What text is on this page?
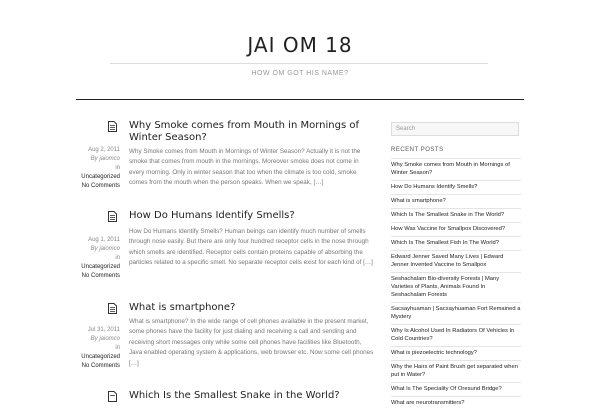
JAI OM 18
HOW OM GOT HIS NAME?
Why Smoke comes from Mouth in Mornings of Winter Season?
Aug 2, 2011
By jaiomco
in
Uncategorized
No Comments
Why Smoke comes from Mouth in Mornings of Winter Season? Actually it is not the smoke that comes from mouth in the mornings. Moreover smoke does not come in every morning. Only in winter season that too when the climate is too cold, smoke comes from the mouth when the person speaks. When we speak, […]
How Do Humans Identify Smells?
Aug 1, 2011
By jaiomco
in
Uncategorized
No Comments
How Do Humans Identify Smells? Human beings can identify much number of smells through nose easily. But there are only four hundred receptor cells in the nose through which smells are identified. Receptor cells contain proteins capable of absorbing the particles related to a specific smell. No separate receptor cells exist for each kind of […]
What is smartphone?
Jul 31, 2011
By jaiomco
in
Uncategorized
No Comments
What is smartphone? In the wide range of cell phones available in the present market, some phones have the facility for just dialing and receiving a call and sending and receiving short messages only while some cell phones have facilities like Bluetooth, Java enabled operating system & applications, web browser etc. Now some cell phones […]
Which Is the Smallest Snake in the World?
Search
RECENT POSTS
Why Smoke comes from Mouth in Mornings of Winter Season?
How Do Humans Identify Smells?
What is smartphone?
Which Is The Smallest Snake in The World?
How Was Vaccine for Smallpox Discovered?
Which Is The Smallest Fish In The World?
Edward Jenner Saved Many Lives | Edward Jenner Invented Vaccine to Smallpox
Seshachalam Bio-diversity Forests | Many Varieties of Plants, Animals Found In Seshachalam Forests
Sacsayhuaman | Sacsayhuaman Fort Remained a Mystery
Why Is Alcohol Used In Radiators Of Vehicles In Cold Countries?
What is piezoelectric technology?
Why the Hairs of Paint Brush get separated when put in Water?
What Is The Speciality Of Oresund Bridge?
What are neurotransmitters?
